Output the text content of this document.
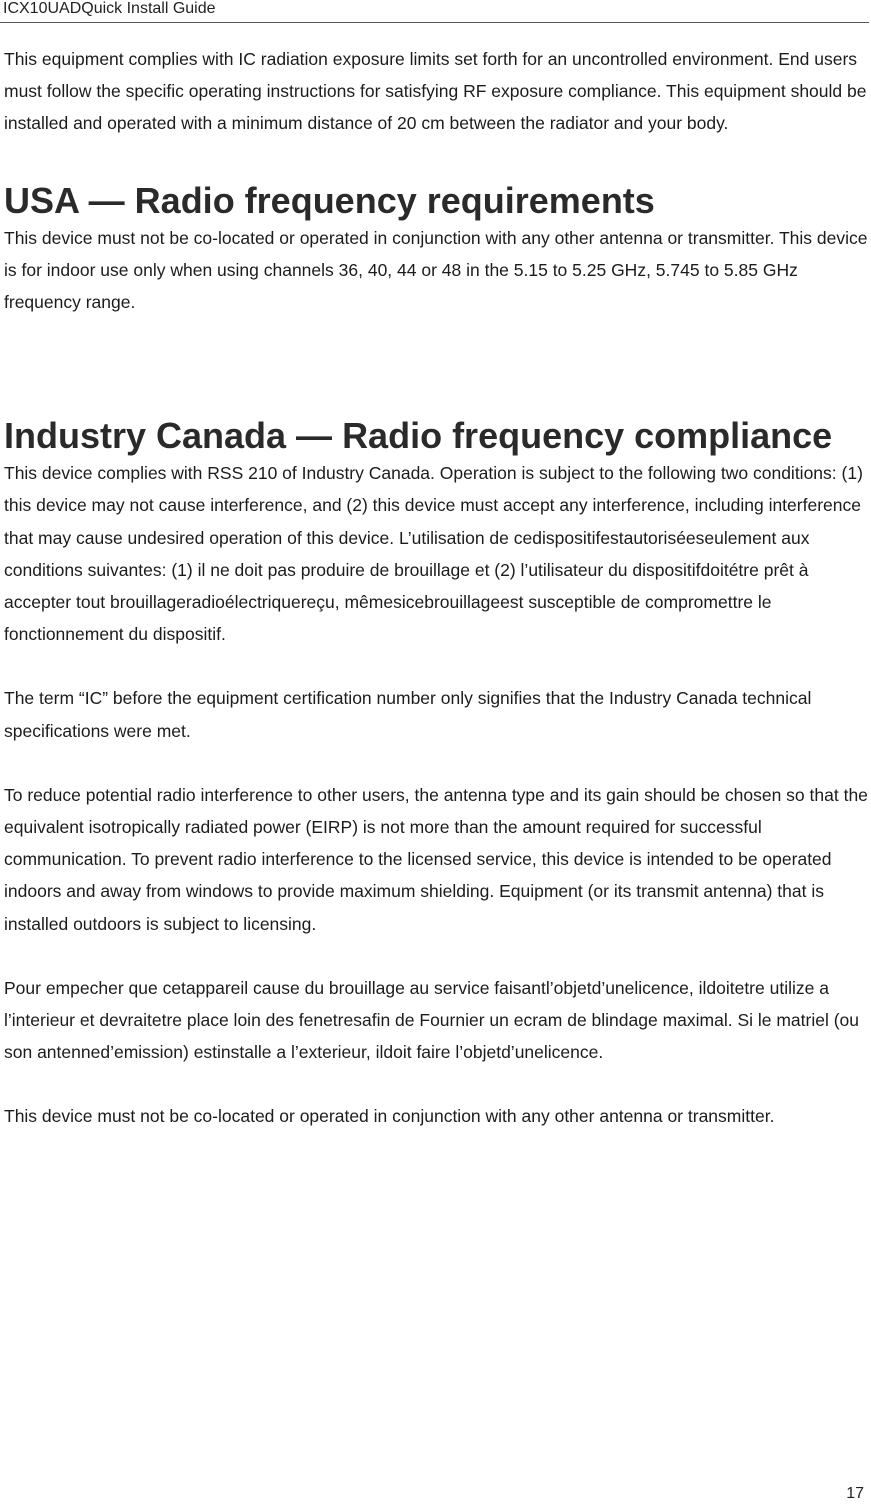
ICX10UADQuick Install Guide

This equipment complies with IC radiation exposure limits set forth for an uncontrolled environment. End users must follow the specific operating instructions for satisfying RF exposure compliance. This equipment should be installed and operated with a minimum distance of 20 cm between the radiator and your body.

USA — Radio frequency requirements

This device must not be co-located or operated in conjunction with any other antenna or transmitter. This device is for indoor use only when using channels 36, 40, 44 or 48 in the 5.15 to 5.25 GHz, 5.745 to 5.85 GHz frequency range.

Industry Canada — Radio frequency compliance

This device complies with RSS 210 of Industry Canada. Operation is subject to the following two conditions: (1) this device may not cause interference, and (2) this device must accept any interference, including interference that may cause undesired operation of this device. L’utilisation de cedispositifestautoriséeseulement aux conditions suivantes: (1) il ne doit pas produire de brouillage et (2) l’utilisateur du dispositifdoitétre prêt à accepter tout brouillageradioélectriquereçu, mêmesicebrouillageest susceptible de compromettre le fonctionnement du dispositif.

The term “IC” before the equipment certification number only signifies that the Industry Canada technical specifications were met.

To reduce potential radio interference to other users, the antenna type and its gain should be chosen so that the equivalent isotropically radiated power (EIRP) is not more than the amount required for successful communication. To prevent radio interference to the licensed service, this device is intended to be operated indoors and away from windows to provide maximum shielding. Equipment (or its transmit antenna) that is installed outdoors is subject to licensing.

Pour empecher que cetappareil cause du brouillage au service faisantl’objetd’unelicence, ildoitetre utilize a l’interieur et devraitetre place loin des fenetresafin de Fournier un ecram de blindage maximal. Si le matriel (ou son antenned’emission) estinstalle a l’exterieur, ildoit faire l’objetd’unelicence.

This device must not be co-located or operated in conjunction with any other antenna or transmitter.

17
